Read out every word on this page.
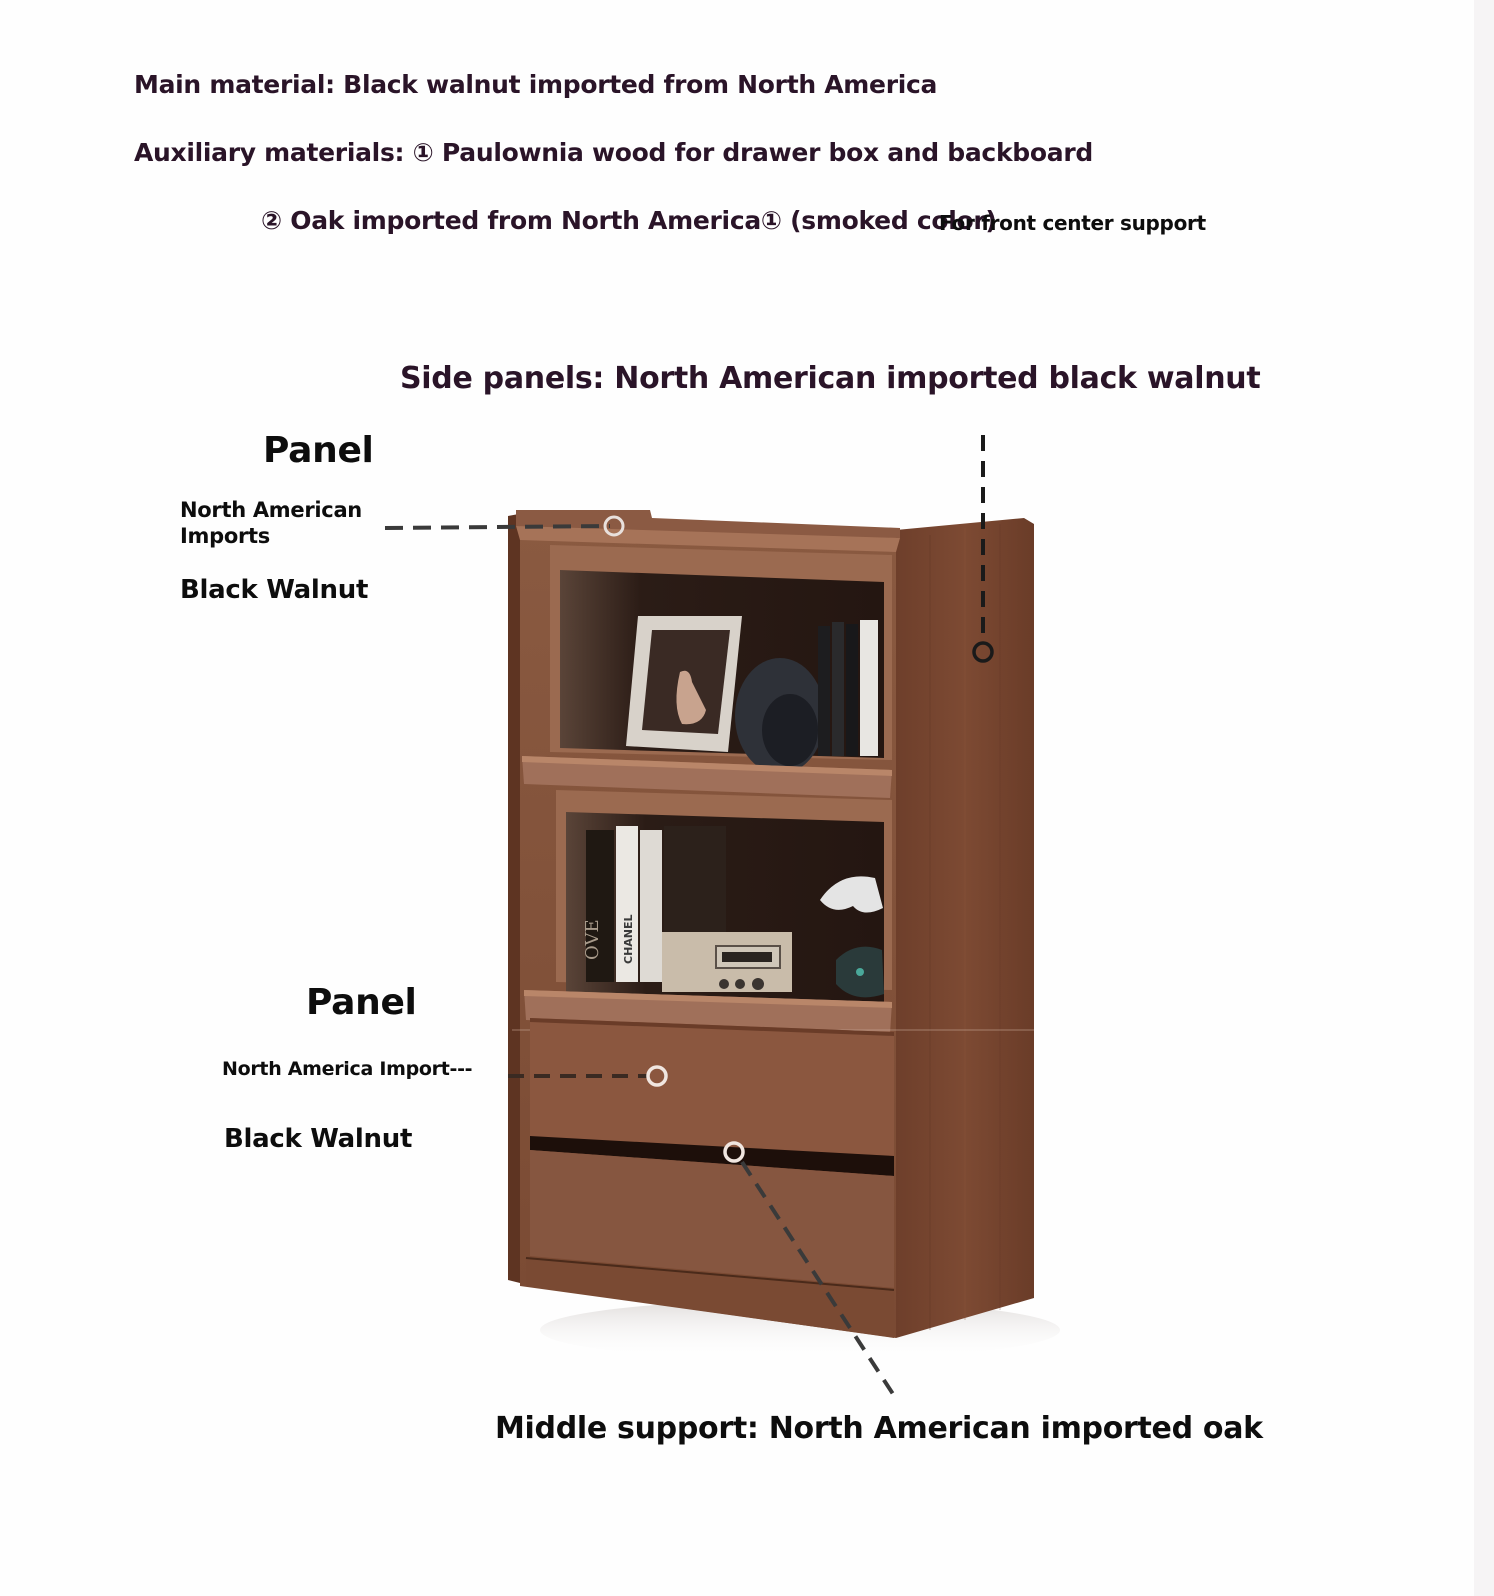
Main material: Black walnut imported from North America
Auxiliary materials: ① Paulownia wood for drawer box and backboard
② Oak imported from North America① (smoked color)
For front center support
Side panels: North American imported black walnut
Panel
North American Imports
Black Walnut
Panel
North America Import---
Black Walnut
Middle support: North American imported oak
OVE CHANEL
